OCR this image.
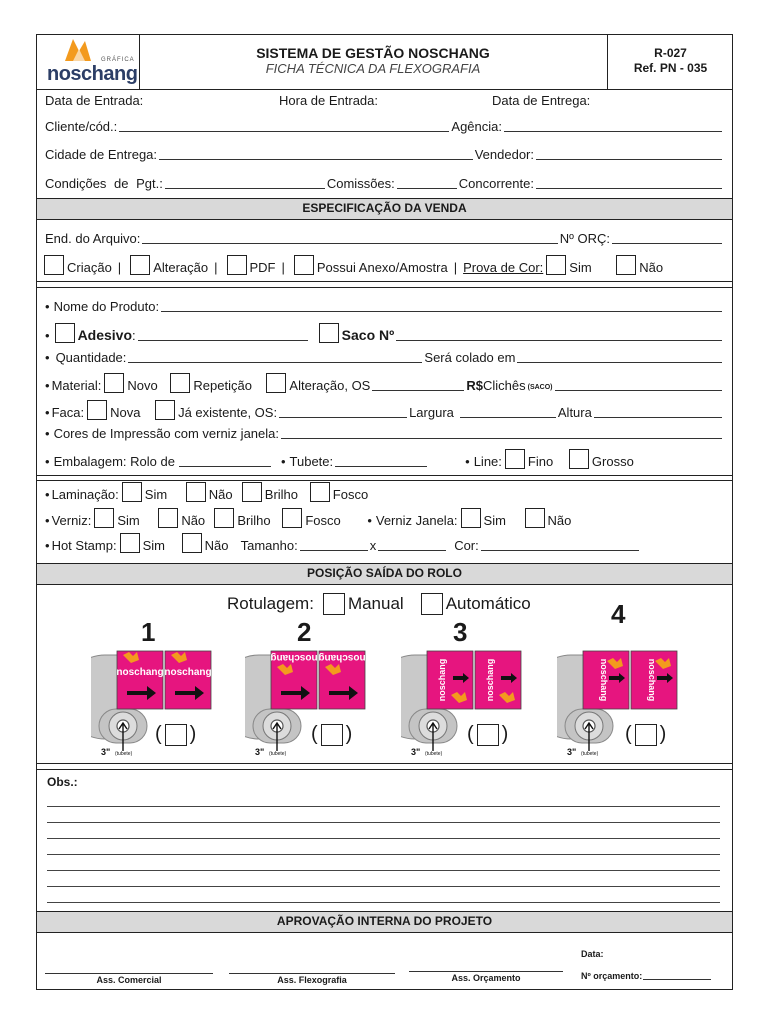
GRÁFICA
noschang
SISTEMA DE GESTÃO NOSCHANG
FICHA TÉCNICA DA FLEXOGRAFIA
R-027
Ref. PN - 035
Data de Entrada:	Hora de Entrada:	Data de Entrega:
Cliente/cód.:	Agência:
Cidade de Entrega:	Vendedor:
Condições de Pgt.:	Comissões:	Concorrente:
ESPECIFICAÇÃO DA VENDA
End. do Arquivo:	Nº ORÇ:
Criação | Alteração | PDF | Possui Anexo/Amostra | Prova de Cor: Sim	Não
• Nome do Produto:
• Adesivo :	Saco Nº
• Quantidade:	Será colado em
• Material: Novo	Repetição	Alteração, OS	R$ Clichês (SACO)
• Faca: Nova	Já existente, OS:	Largura	Altura
• Cores de Impressão com verniz janela:
• Embalagem: Rolo de	• Tubete:	• Line: Fino	Grosso
• Laminação: Sim	Não	Brilho	Fosco
• Verniz: Sim	Não	Brilho	Fosco	• Verniz Janela: Sim	Não
• Hot Stamp: Sim	Não Tamanho:	x	Cor:
POSIÇÃO SAÍDA DO ROLO
Rotulagem: Manual Automático
1	2	3
4
noschang noschang
3" (tubete)
noschang noschang
3" (tubete)
noschang	noschang
3" (tubete)
noschang	noschang
3" (tubete)
( )	( )	( )	( )
Obs.:
APROVAÇÃO INTERNA DO PROJETO
Data:
Ass. Comercial	Ass. Flexografia	Ass. Orçamento	Nº orçamento:
